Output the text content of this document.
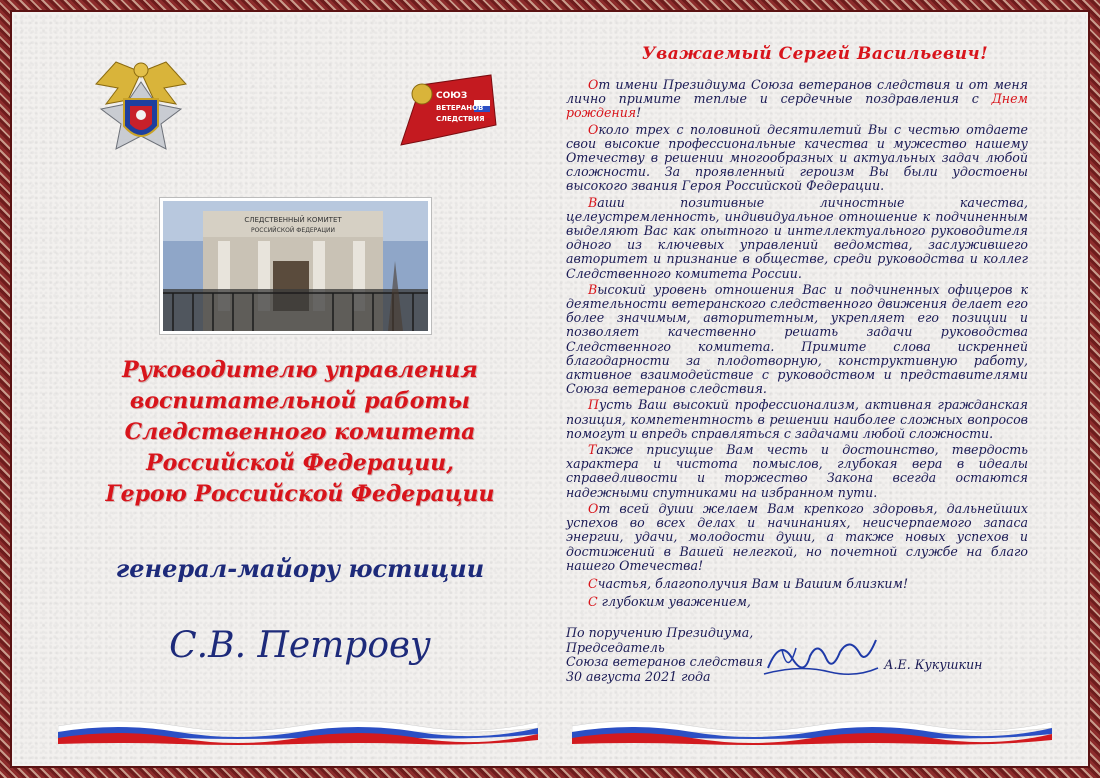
СОЮЗ
ВЕТЕРАНОВ
СЛЕДСТВИЯ
СЛЕДСТВЕННЫЙ КОМИТЕТ
РОССИЙСКОЙ ФЕДЕРАЦИИ
Руководителю управления
воспитательной работы
Следственного комитета
Российской Федерации,
Герою Российской Федерации
генерал-майору юстиции
С.В. Петрову
Уважаемый Сергей Васильевич!

От имени Президиума Союза ветеранов следствия и от меня лично примите теплые и сердечные поздравления с Днем рождения!

Около трех с половиной десятилетий Вы с честью отдаете свои высокие профессиональные качества и мужество нашему Отечеству в решении многообразных и актуальных задач любой сложности. За проявленный героизм Вы были удостоены высокого звания Героя Российской Федерации.

Ваши позитивные личностные качества, целеустремленность, индивидуальное отношение к подчиненным выделяют Вас как опытного и интеллектуального руководителя одного из ключевых управлений ведомства, заслужившего авторитет и признание в обществе, среди руководства и коллег Следственного комитета России.

Высокий уровень отношения Вас и подчиненных офицеров к деятельности ветеранского следственного движения делает его более значимым, авторитетным, укрепляет его позиции и позволяет качественно решать задачи руководства Следственного комитета. Примите слова искренней благодарности за плодотворную, конструктивную работу, активное взаимодействие с руководством и представителями Союза ветеранов следствия.

Пусть Ваш высокий профессионализм, активная гражданская позиция, компетентность в решении наиболее сложных вопросов помогут и впредь справляться с задачами любой сложности.

Также присущие Вам честь и достоинство, твердость характера и чистота помыслов, глубокая вера в идеалы справедливости и торжество Закона всегда остаются надежными спутниками на избранном пути.

От всей души желаем Вам крепкого здоровья, дальнейших успехов во всех делах и начинаниях, неисчерпаемого запаса энергии, удачи, молодости души, а также новых успехов и достижений в Вашей нелегкой, но почетной службе на благо нашего Отечества!

Счастья, благополучия Вам и Вашим близким!

С глубоким уважением,

По поручению Президиума,
Председатель
Союза ветеранов следствия
30 августа 2021 года
А.Е. Кукушкин
